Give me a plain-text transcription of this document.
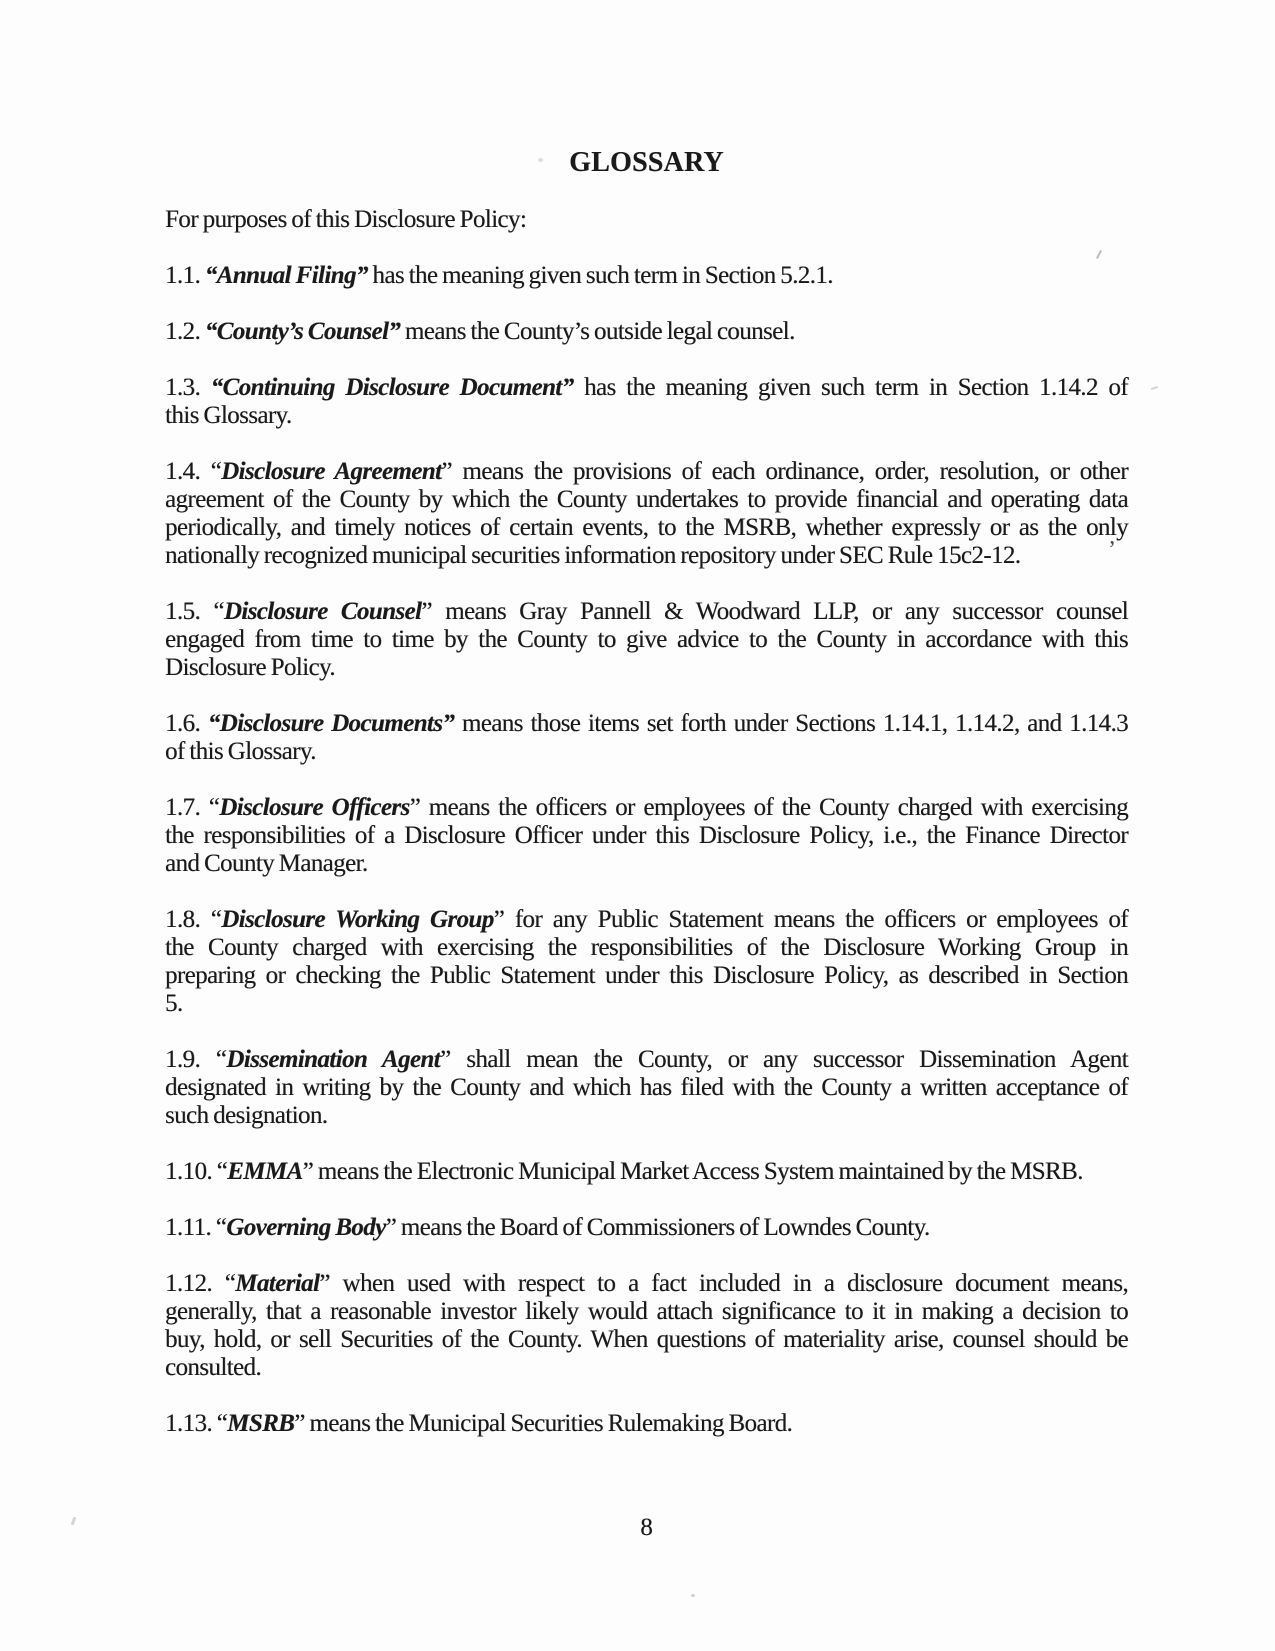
GLOSSARY

For purposes of this Disclosure Policy:

1.1. “Annual Filing” has the meaning given such term in Section 5.2.1.

1.2. “County’s Counsel” means the County’s outside legal counsel.

1.3. “Continuing Disclosure Document” has the meaning given such term in Section 1.14.2 of
this Glossary.

1.4. “Disclosure Agreement” means the provisions of each ordinance, order, resolution, or other
agreement of the County by which the County undertakes to provide financial and operating data
periodically, and timely notices of certain events, to the MSRB, whether expressly or as the only
nationally recognized municipal securities information repository under SEC Rule 15c2-12.

1.5. “Disclosure Counsel” means Gray Pannell & Woodward LLP, or any successor counsel
engaged from time to time by the County to give advice to the County in accordance with this
Disclosure Policy.

1.6. “Disclosure Documents” means those items set forth under Sections 1.14.1, 1.14.2, and 1.14.3
of this Glossary.

1.7. “Disclosure Officers” means the officers or employees of the County charged with exercising
the responsibilities of a Disclosure Officer under this Disclosure Policy, i.e., the Finance Director
and County Manager.

1.8. “Disclosure Working Group” for any Public Statement means the officers or employees of
the County charged with exercising the responsibilities of the Disclosure Working Group in
preparing or checking the Public Statement under this Disclosure Policy, as described in Section
5.

1.9. “Dissemination Agent” shall mean the County, or any successor Dissemination Agent
designated in writing by the County and which has filed with the County a written acceptance of
such designation.

1.10. “EMMA” means the Electronic Municipal Market Access System maintained by the MSRB.

1.11. “Governing Body” means the Board of Commissioners of Lowndes County.

1.12. “Material” when used with respect to a fact included in a disclosure document means,
generally, that a reasonable investor likely would attach significance to it in making a decision to
buy, hold, or sell Securities of the County. When questions of materiality arise, counsel should be
consulted.

1.13. “MSRB” means the Municipal Securities Rulemaking Board.

8
’
